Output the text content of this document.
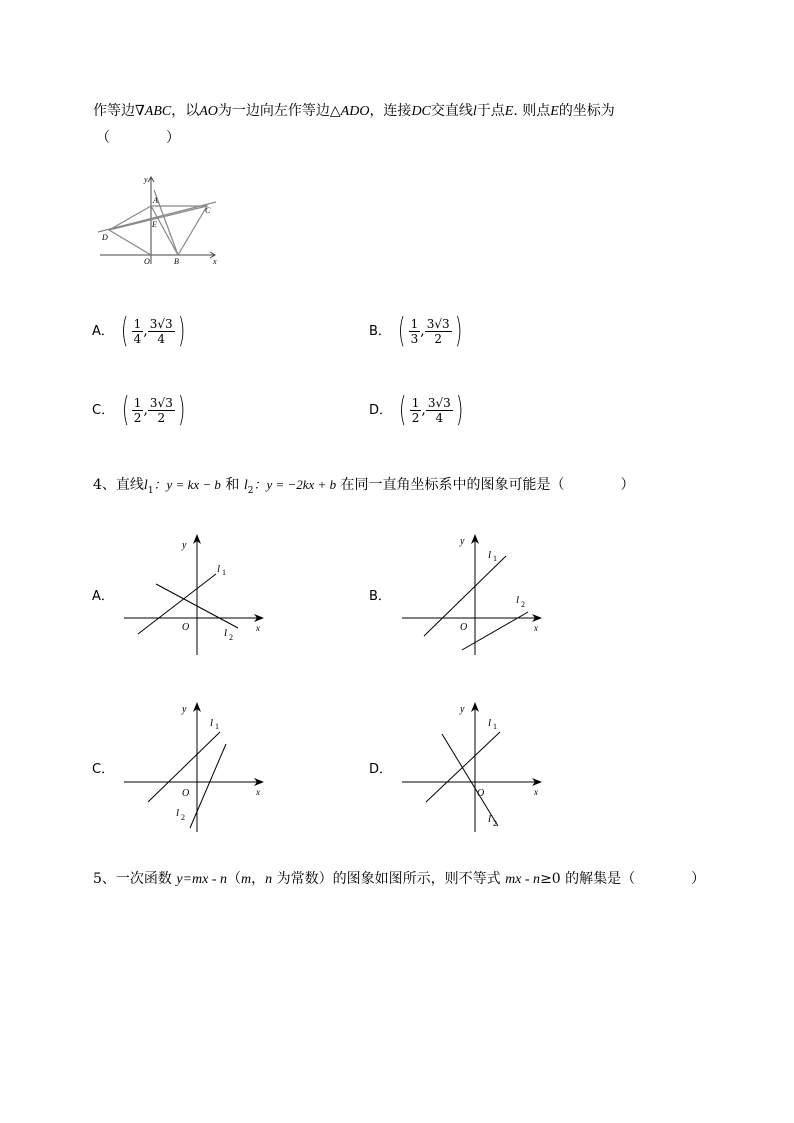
作等边∇ABC，以AO为一边向左作等边△ADO，连接DC交直线l于点E. 则点E的坐标为
（　　　　）
y
x
A
C
D
E
O	B
A． ( $\frac{1}{4}$ , $\frac{3√3}{4}$ )	B． ( $\frac{1}{3}$ , $\frac{3√3}{2}$ )
C． ( $\frac{1}{2}$ , $\frac{3√3}{2}$ )	D． ( $\frac{1}{2}$ , $\frac{3√3}{4}$ )
4、直线$l_1$：y = kx − b 和 $l_2$：y = −2kx + b 在同一直角坐标系中的图象可能是（　　　　）
A．	B．
C．	D．
y
x
O
l 1
l 2
y
x
O
l 1
l 2
y
x
O
l 1
l 2
y
x
O
l 1
l 2
5、一次函数 y=mx - n（m，n 为常数）的图象如图所示，则不等式 mx - n≥0 的解集是（　　　　）
